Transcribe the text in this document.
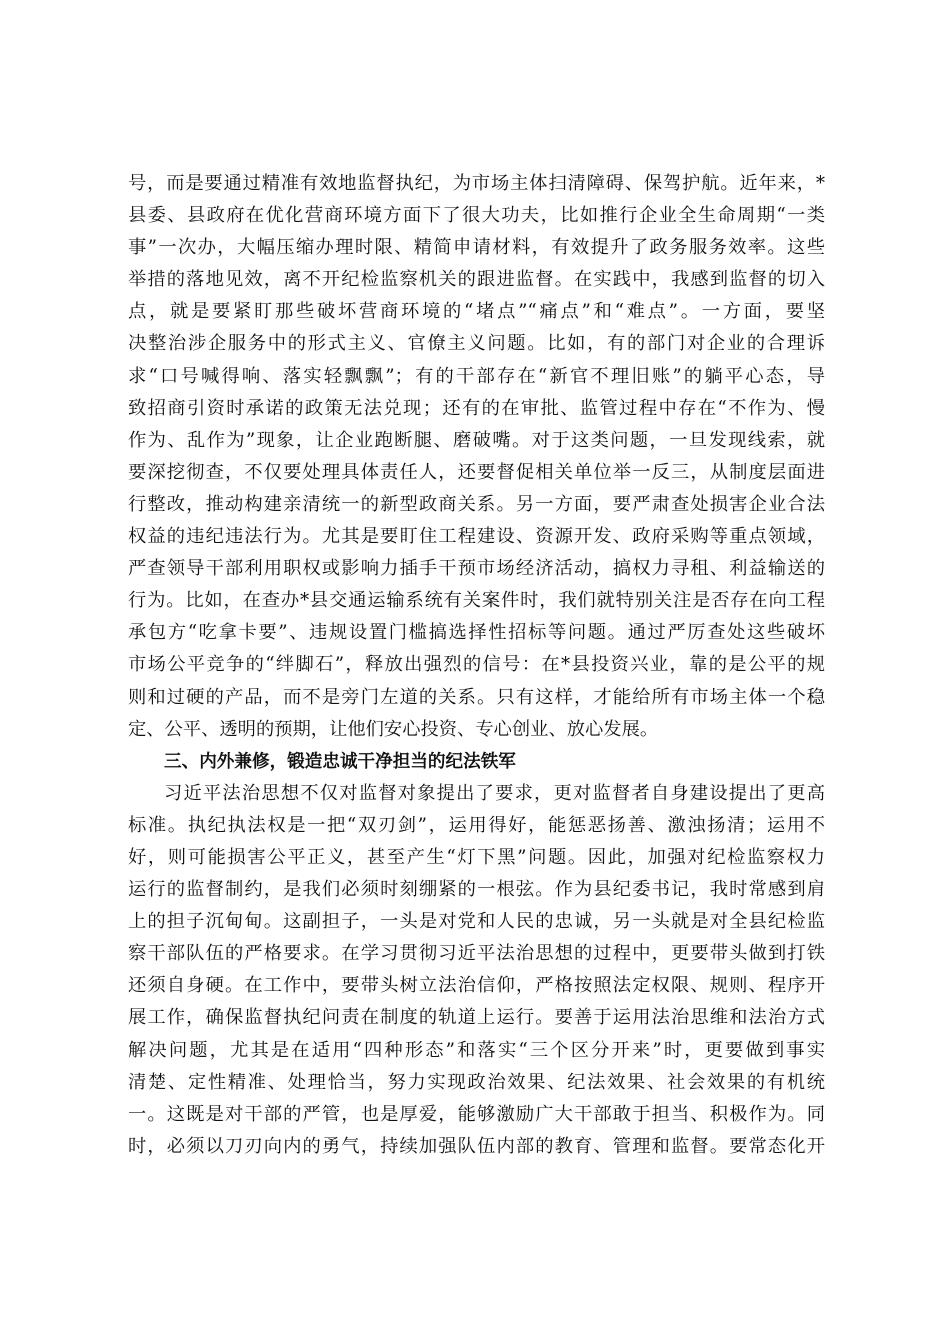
号，而是要通过精准有效地监督执纪，为市场主体扫清障碍、保驾护航。近年来，*
县委、县政府在优化营商环境方面下了很大功夫，比如推行企业全生命周期“一类
事”一次办，大幅压缩办理时限、精简申请材料，有效提升了政务服务效率。这些
举措的落地见效，离不开纪检监察机关的跟进监督。在实践中，我感到监督的切入
点，就是要紧盯那些破坏营商环境的“堵点”“痛点”和“难点”。一方面，要坚
决整治涉企服务中的形式主义、官僚主义问题。比如，有的部门对企业的合理诉
求“口号喊得响、落实轻飘飘”；有的干部存在“新官不理旧账”的躺平心态，导
致招商引资时承诺的政策无法兑现；还有的在审批、监管过程中存在“不作为、慢
作为、乱作为”现象，让企业跑断腿、磨破嘴。对于这类问题，一旦发现线索，就
要深挖彻查，不仅要处理具体责任人，还要督促相关单位举一反三，从制度层面进
行整改，推动构建亲清统一的新型政商关系。另一方面，要严肃查处损害企业合法
权益的违纪违法行为。尤其是要盯住工程建设、资源开发、政府采购等重点领域，
严查领导干部利用职权或影响力插手干预市场经济活动，搞权力寻租、利益输送的
行为。比如，在查办*县交通运输系统有关案件时，我们就特别关注是否存在向工程
承包方“吃拿卡要”、违规设置门槛搞选择性招标等问题。通过严厉查处这些破坏
市场公平竞争的“绊脚石”，释放出强烈的信号：在*县投资兴业，靠的是公平的规
则和过硬的产品，而不是旁门左道的关系。只有这样，才能给所有市场主体一个稳
定、公平、透明的预期，让他们安心投资、专心创业、放心发展。
三、内外兼修，锻造忠诚干净担当的纪法铁军
习近平法治思想不仅对监督对象提出了要求，更对监督者自身建设提出了更高
标准。执纪执法权是一把“双刃剑”，运用得好，能惩恶扬善、激浊扬清；运用不
好，则可能损害公平正义，甚至产生“灯下黑”问题。因此，加强对纪检监察权力
运行的监督制约，是我们必须时刻绷紧的一根弦。作为县纪委书记，我时常感到肩
上的担子沉甸甸。这副担子，一头是对党和人民的忠诚，另一头就是对全县纪检监
察干部队伍的严格要求。在学习贯彻习近平法治思想的过程中，更要带头做到打铁
还须自身硬。在工作中，要带头树立法治信仰，严格按照法定权限、规则、程序开
展工作，确保监督执纪问责在制度的轨道上运行。要善于运用法治思维和法治方式
解决问题，尤其是在适用“四种形态”和落实“三个区分开来”时，更要做到事实
清楚、定性精准、处理恰当，努力实现政治效果、纪法效果、社会效果的有机统
一。这既是对干部的严管，也是厚爱，能够激励广大干部敢于担当、积极作为。同
时，必须以刀刃向内的勇气，持续加强队伍内部的教育、管理和监督。要常态化开
